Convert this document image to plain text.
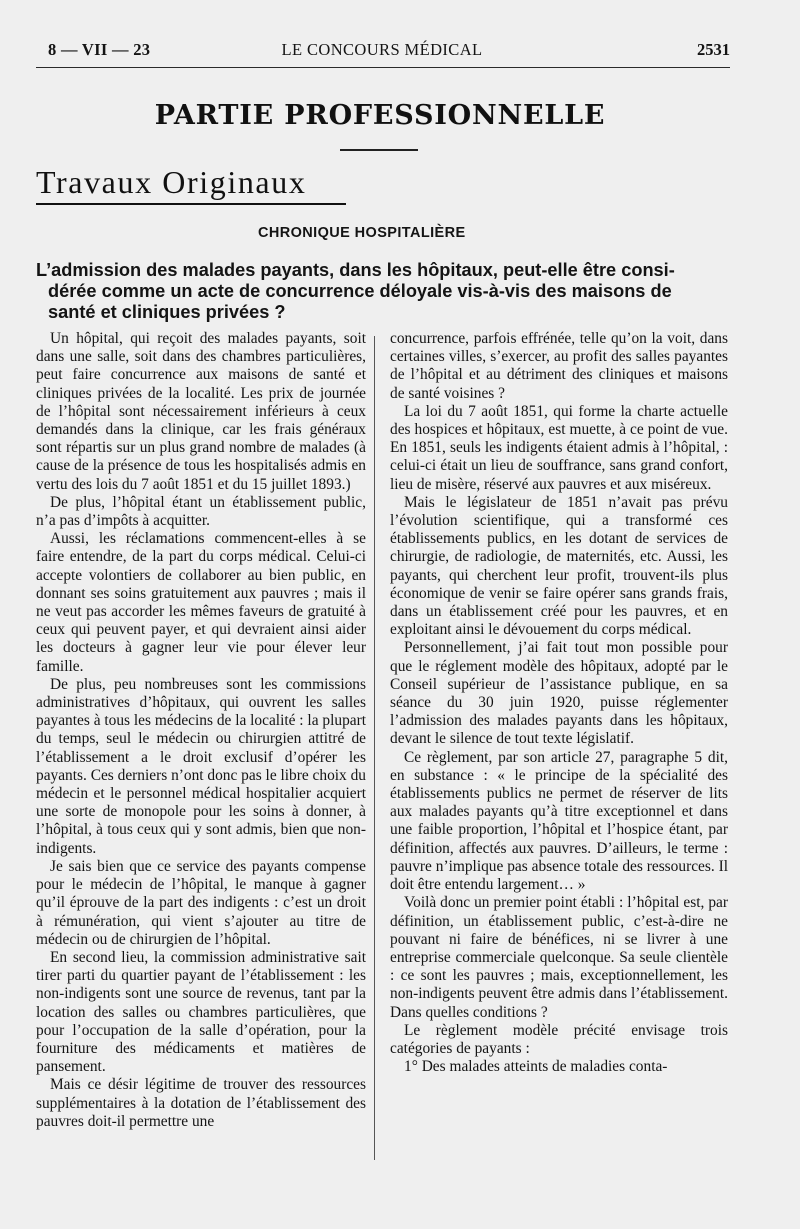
8 — VII — 23	LE CONCOURS MÉDICAL	2531
PARTIE PROFESSIONNELLE
Travaux Originaux
CHRONIQUE HOSPITALIÈRE
L’admission des malades payants, dans les hôpitaux, peut-elle être consi-
dérée comme un acte de concurrence déloyale vis-à-vis des maisons de
santé et cliniques privées ?

Un hôpital, qui reçoit des malades payants, soit dans une salle, soit dans des chambres particulières, peut faire concurrence aux maisons de santé et cliniques privées de la localité. Les prix de journée de l’hôpital sont nécessairement inférieurs à ceux demandés dans la clinique, car les frais généraux sont répartis sur un plus grand nombre de malades (à cause de la présence de tous les hospitalisés admis en vertu des lois du 7 août 1851 et du 15 juillet 1893.)

De plus, l’hôpital étant un établissement public, n’a pas d’impôts à acquitter.

Aussi, les réclamations commencent-elles à se faire entendre, de la part du corps médical. Celui-ci accepte volontiers de collaborer au bien public, en donnant ses soins gratuitement aux pauvres ; mais il ne veut pas accorder les mêmes faveurs de gratuité à ceux qui peuvent payer, et qui devraient ainsi aider les docteurs à gagner leur vie pour élever leur famille.

De plus, peu nombreuses sont les commissions administratives d’hôpitaux, qui ouvrent les salles payantes à tous les médecins de la localité : la plupart du temps, seul le médecin ou chirurgien attitré de l’établissement a le droit exclusif d’opérer les payants. Ces derniers n’ont donc pas le libre choix du médecin et le personnel médical hospitalier acquiert une sorte de monopole pour les soins à donner, à l’hôpital, à tous ceux qui y sont admis, bien que non-indigents.

Je sais bien que ce service des payants compense pour le médecin de l’hôpital, le manque à gagner qu’il éprouve de la part des indigents : c’est un droit à rémunération, qui vient s’ajouter au titre de médecin ou de chirurgien de l’hôpital.

En second lieu, la commission administrative sait tirer parti du quartier payant de l’établissement : les non-indigents sont une source de revenus, tant par la location des salles ou chambres particulières, que pour l’occupation de la salle d’opération, pour la fourniture des médicaments et matières de pansement.

Mais ce désir légitime de trouver des ressources supplémentaires à la dotation de l’établissement des pauvres doit-il permettre une

concurrence, parfois effrénée, telle qu’on la voit, dans certaines villes, s’exercer, au profit des salles payantes de l’hôpital et au détriment des cliniques et maisons de santé voisines ?

La loi du 7 août 1851, qui forme la charte actuelle des hospices et hôpitaux, est muette, à ce point de vue. En 1851, seuls les indigents étaient admis à l’hôpital, : celui-ci était un lieu de souffrance, sans grand confort, lieu de misère, réservé aux pauvres et aux miséreux.

Mais le législateur de 1851 n’avait pas prévu l’évolution scientifique, qui a transformé ces établissements publics, en les dotant de services de chirurgie, de radiologie, de maternités, etc. Aussi, les payants, qui cherchent leur profit, trouvent-ils plus économique de venir se faire opérer sans grands frais, dans un établissement créé pour les pauvres, et en exploitant ainsi le dévouement du corps médical.

Personnellement, j’ai fait tout mon possible pour que le réglement modèle des hôpitaux, adopté par le Conseil supérieur de l’assistance publique, en sa séance du 30 juin 1920, puisse réglementer l’admission des malades payants dans les hôpitaux, devant le silence de tout texte législatif.

Ce règlement, par son article 27, paragraphe 5 dit, en substance : « le principe de la spécialité des établissements publics ne permet de réserver de lits aux malades payants qu’à titre exceptionnel et dans une faible proportion, l’hôpital et l’hospice étant, par définition, affectés aux pauvres. D’ailleurs, le terme : pauvre n’implique pas absence totale des ressources. Il doit être entendu largement… »

Voilà donc un premier point établi : l’hôpital est, par définition, un établissement public, c’est-à-dire ne pouvant ni faire de bénéfices, ni se livrer à une entreprise commerciale quelconque. Sa seule clientèle : ce sont les pauvres ; mais, exceptionnellement, les non-indigents peuvent être admis dans l’établissement. Dans quelles conditions ?

Le règlement modèle précité envisage trois catégories de payants :

1° Des malades atteints de maladies conta-
